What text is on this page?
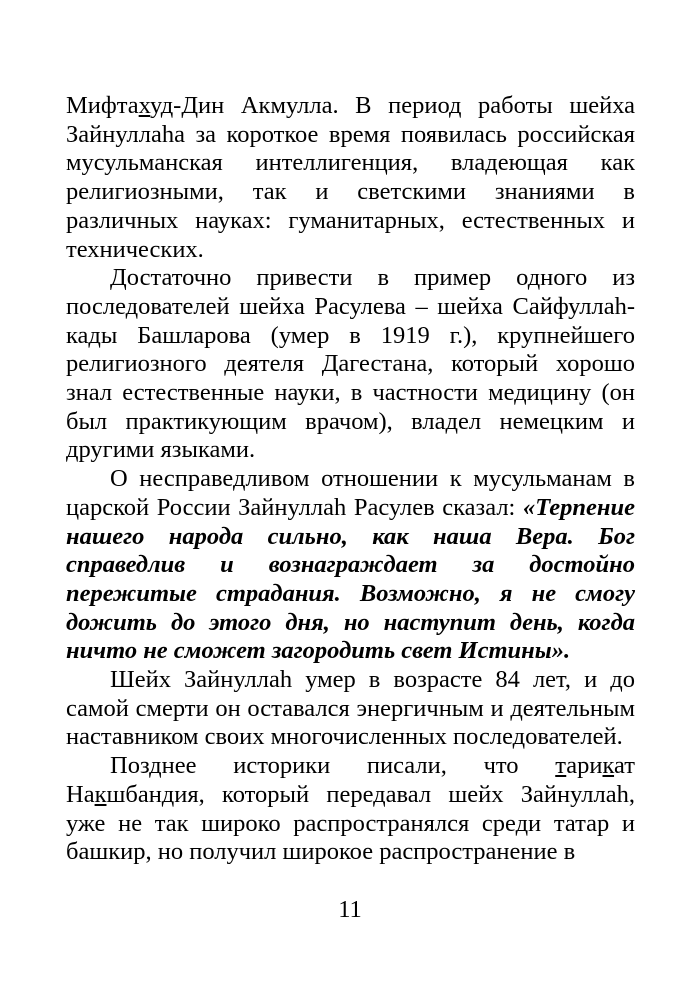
Мифтахуд-Дин Акмулла. В период работы шейха Зайнуллаhа за короткое время появилась российская мусульманская интеллигенция, владеющая как религиозными, так и светскими знаниями в различных науках: гуманитарных, естественных и технических.

Достаточно привести в пример одного из последователей шейха Расулева – шейха Сайфуллаh-кады Башларова (умер в 1919 г.), крупнейшего религиозного деятеля Дагестана, который хорошо знал естественные науки, в частности медицину (он был практикующим врачом), владел немецким и другими языками.

О несправедливом отношении к мусульманам в царской России Зайнуллаh Расулев сказал: «Терпение нашего народа сильно, как наша Вера. Бог справедлив и вознаграждает за достойно пережитые страдания. Возможно, я не смогу дожить до этого дня, но наступит день, когда ничто не сможет загородить свет Истины».

Шейх Зайнуллаh умер в возрасте 84 лет, и до самой смерти он оставался энергичным и деятельным наставником своих многочисленных последователей.

Позднее историки писали, что тарикат Накшбандия, который передавал шейх Зайнуллаh, уже не так широко распространялся среди татар и башкир, но получил широкое распространение в

11
